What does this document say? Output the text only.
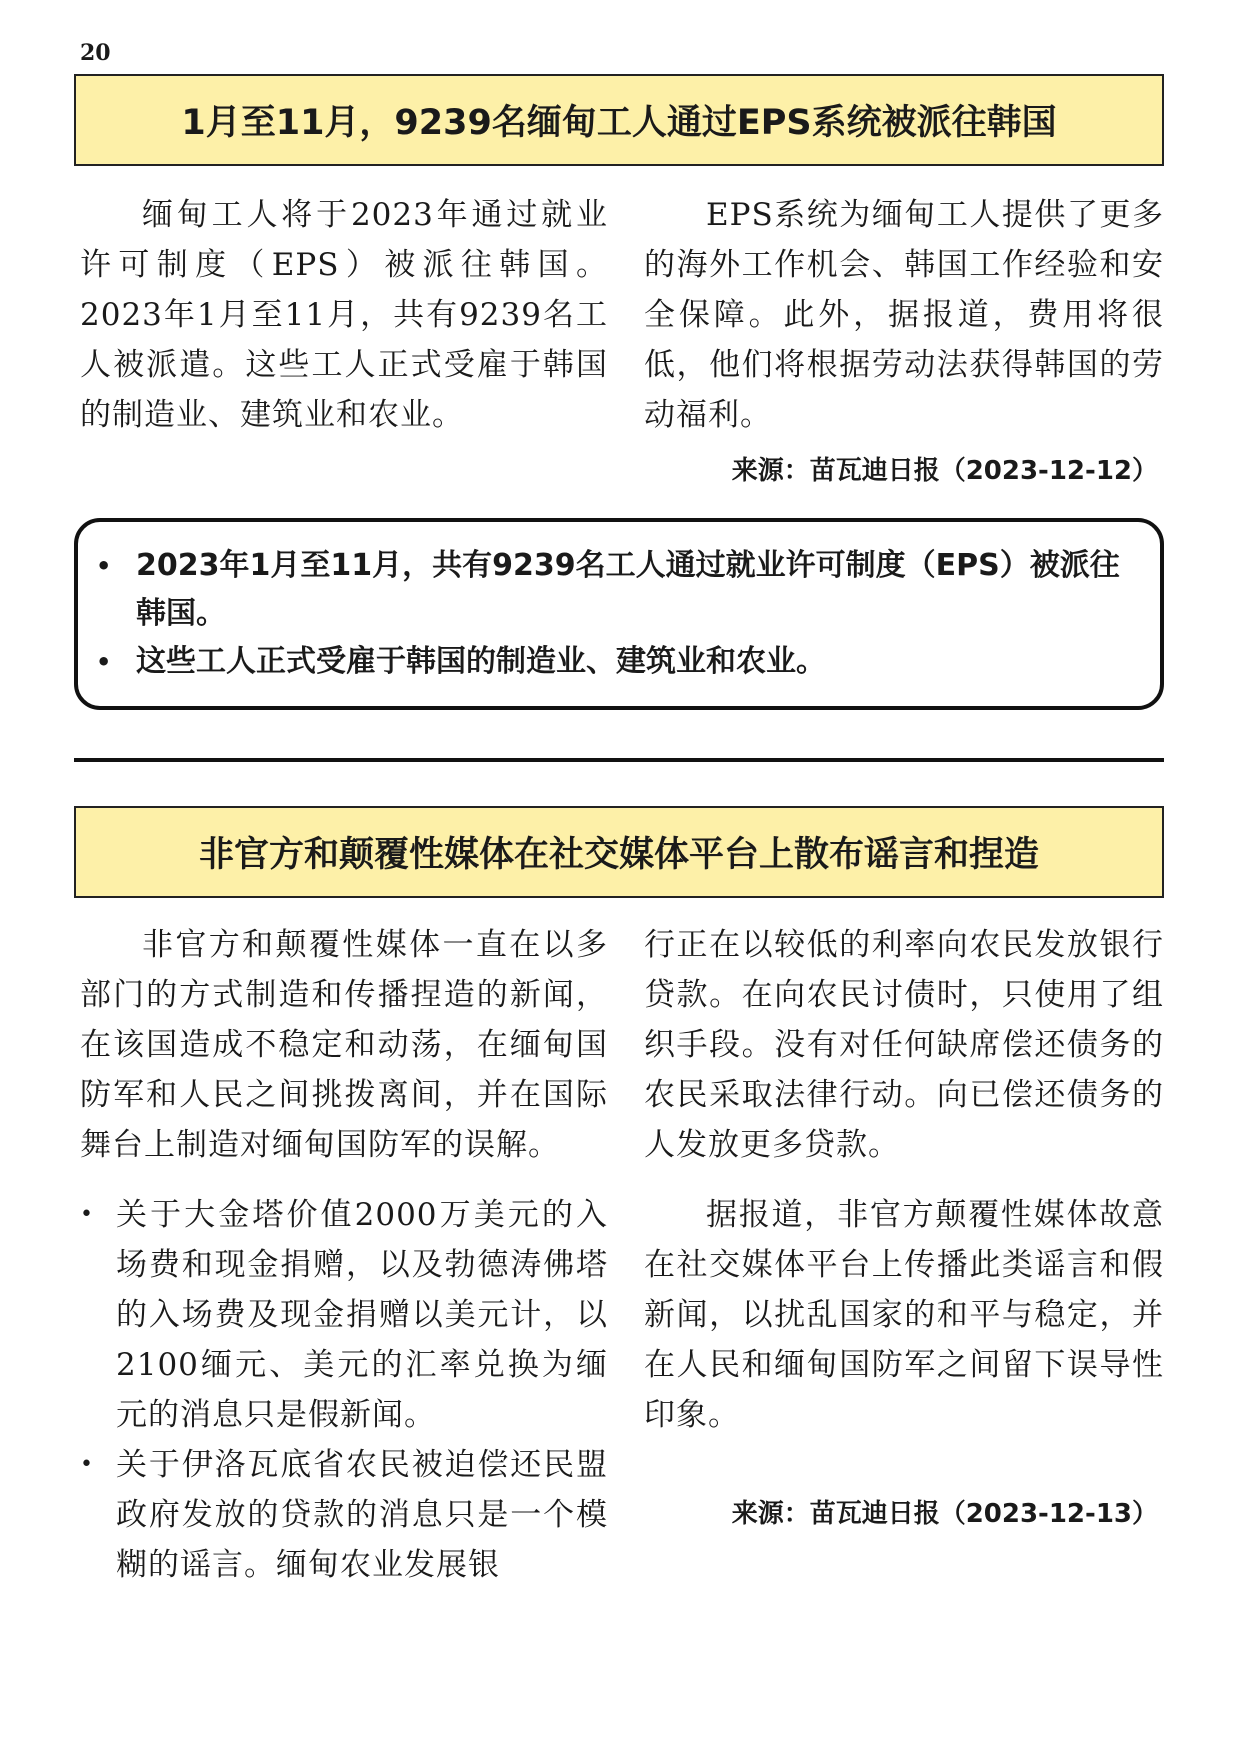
20
1月至11月，9239名缅甸工人通过EPS系统被派往韩国

缅甸工人将于2023年通过就业许可制度（EPS）被派往韩国。2023年1月至11月，共有9239名工人被派遣。这些工人正式受雇于韩国的制造业、建筑业和农业。

EPS系统为缅甸工人提供了更多的海外工作机会、韩国工作经验和安全保障。此外，据报道，费用将很低，他们将根据劳动法获得韩国的劳动福利。

来源：苗瓦迪日报（2023-12-12）
• 2023年1月至11月，共有9239名工人通过就业许可制度（EPS）被派往韩国。
• 这些工人正式受雇于韩国的制造业、建筑业和农业。
非官方和颠覆性媒体在社交媒体平台上散布谣言和捏造

非官方和颠覆性媒体一直在以多部门的方式制造和传播捏造的新闻，在该国造成不稳定和动荡，在缅甸国防军和人民之间挑拨离间，并在国际舞台上制造对缅甸国防军的误解。

• 关于大金塔价值2000万美元的入场费和现金捐赠，以及勃德涛佛塔的入场费及现金捐赠以美元计，以2100缅元、美元的汇率兑换为缅元的消息只是假新闻。
• 关于伊洛瓦底省农民被迫偿还民盟政府发放的贷款的消息只是一个模糊的谣言。缅甸农业发展银

行正在以较低的利率向农民发放银行贷款。在向农民讨债时，只使用了组织手段。没有对任何缺席偿还债务的农民采取法律行动。向已偿还债务的人发放更多贷款。

据报道，非官方颠覆性媒体故意在社交媒体平台上传播此类谣言和假新闻，以扰乱国家的和平与稳定，并在人民和缅甸国防军之间留下误导性印象。

来源：苗瓦迪日报（2023-12-13）
